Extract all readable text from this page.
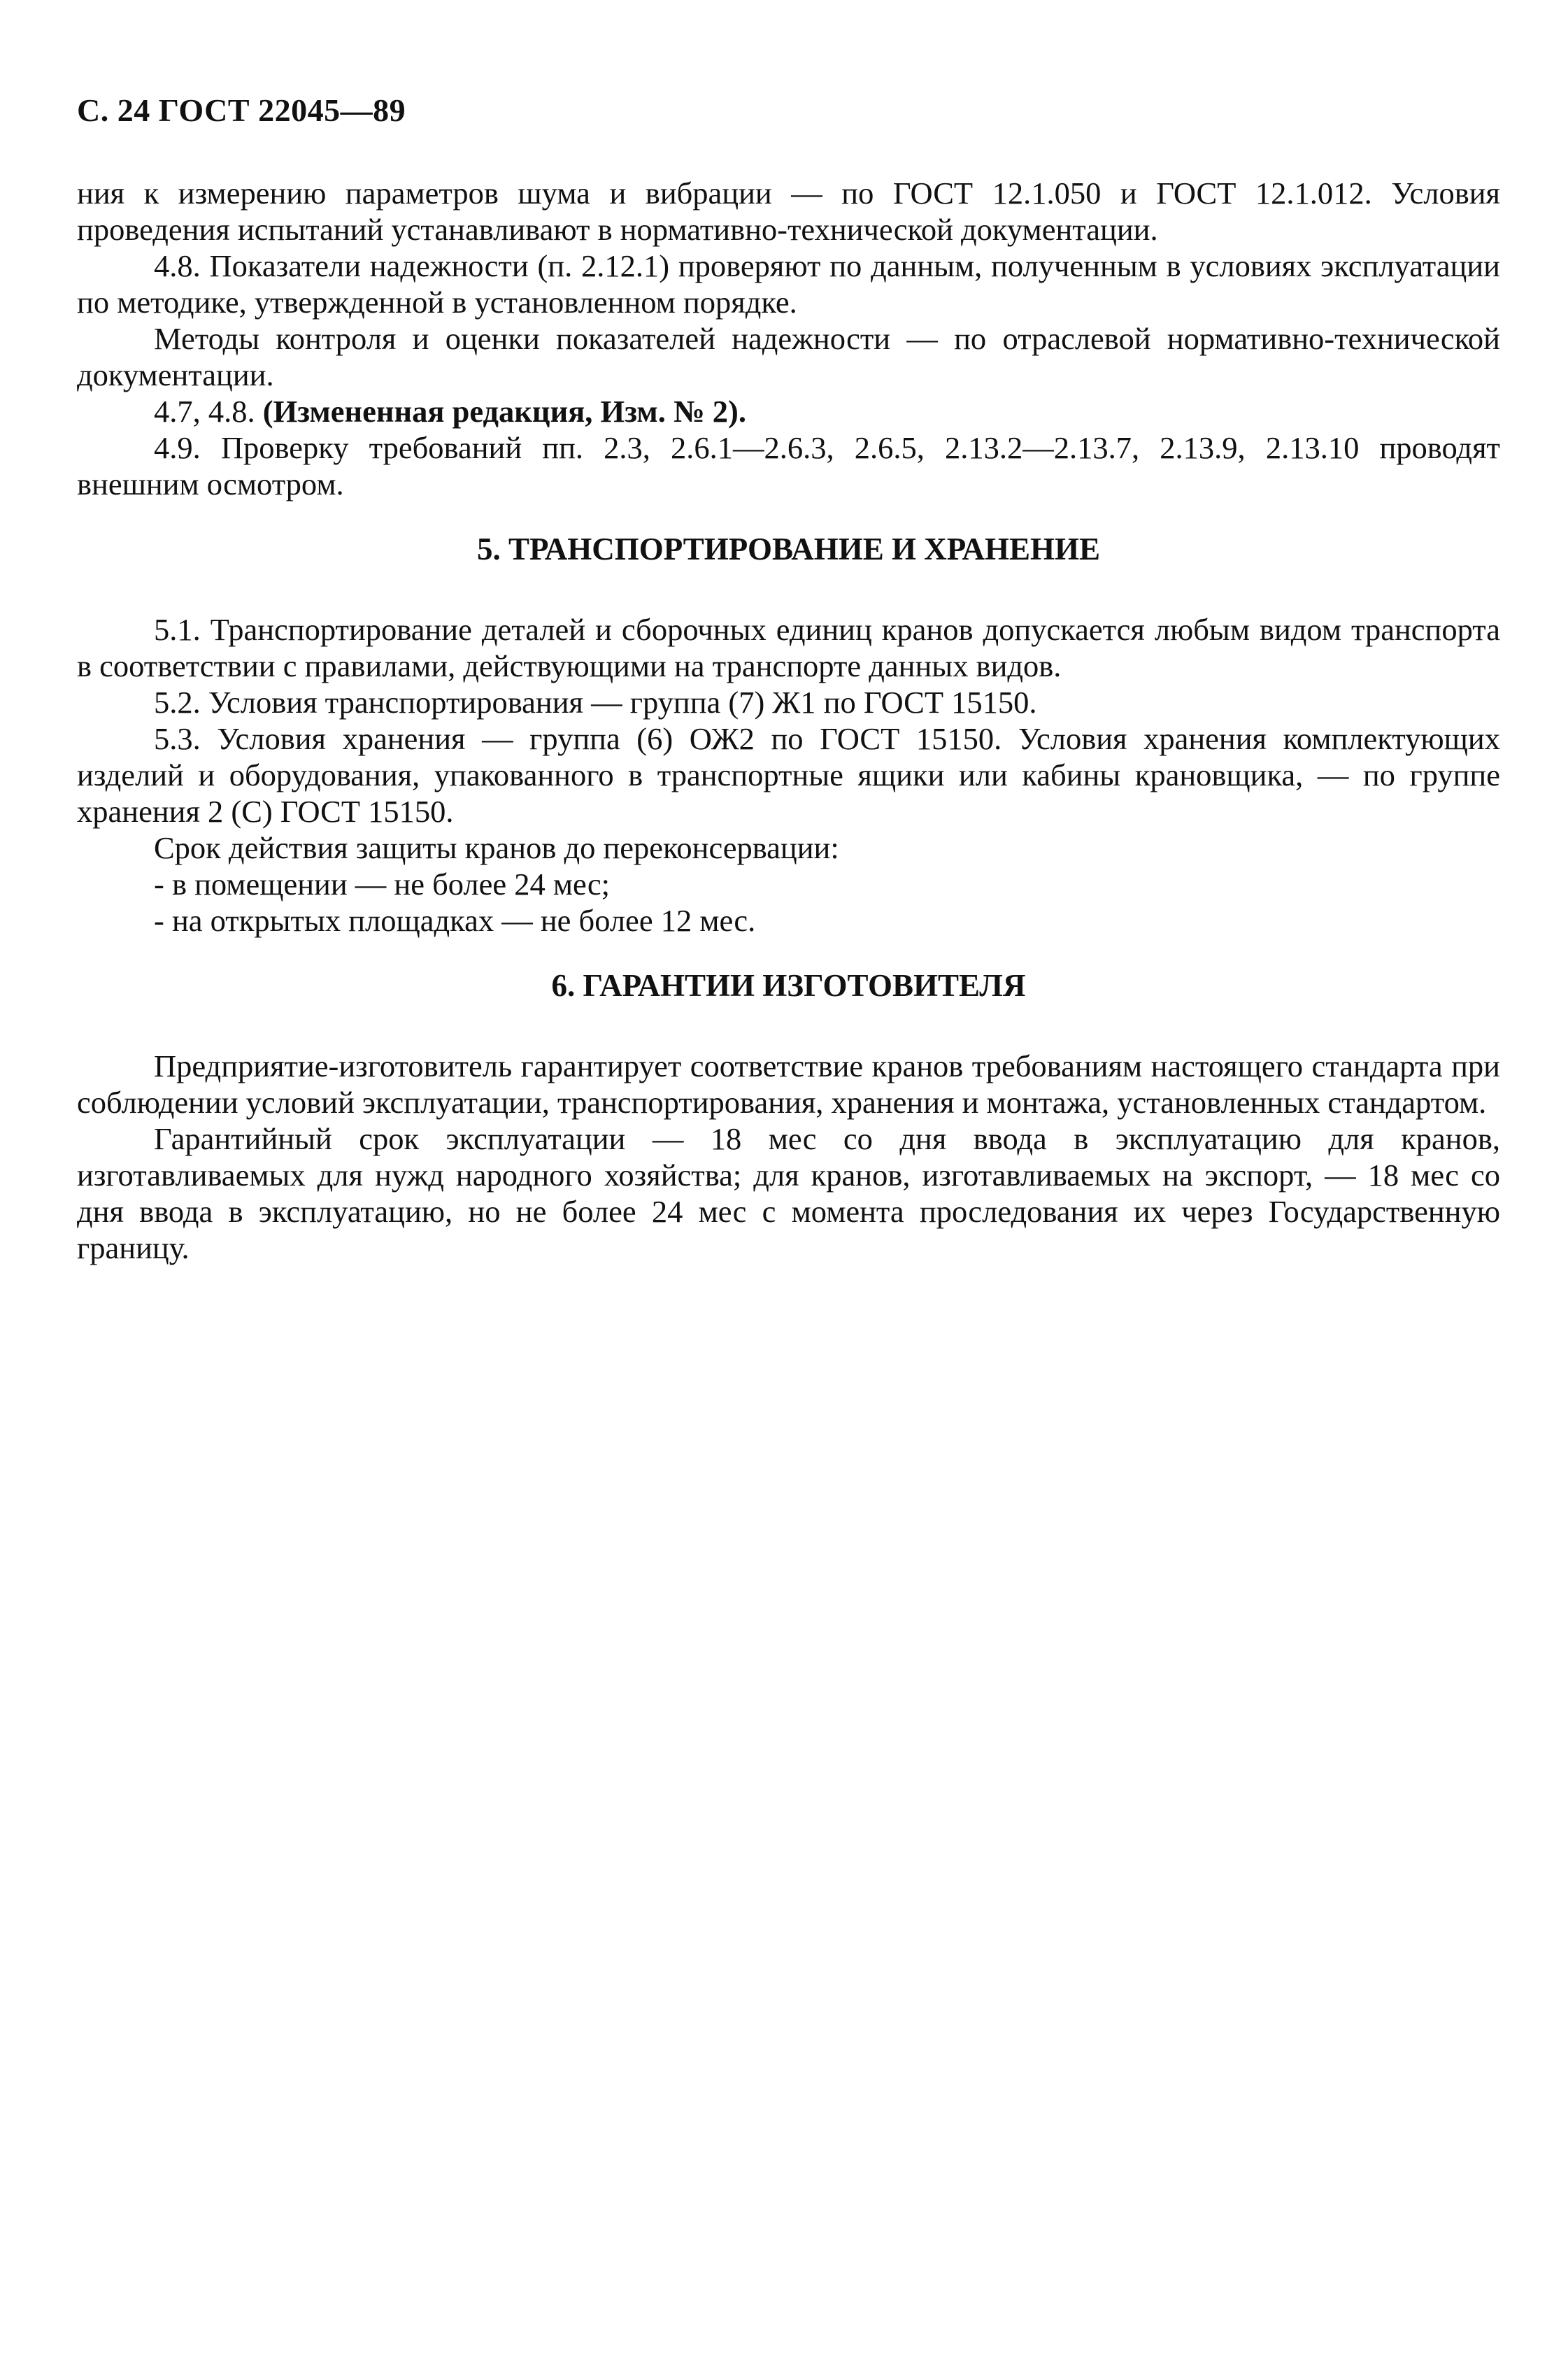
С. 24 ГОСТ 22045—89

ния к измерению параметров шума и вибрации — по ГОСТ 12.1.050 и ГОСТ 12.1.012. Условия проведения испытаний устанавливают в нормативно-технической документации.

4.8. Показатели надежности (п. 2.12.1) проверяют по данным, полученным в условиях эксплуатации по методике, утвержденной в установленном порядке.

Методы контроля и оценки показателей надежности — по отраслевой нормативно-технической документации.

4.7, 4.8. (Измененная редакция, Изм. № 2).

4.9. Проверку требований пп. 2.3, 2.6.1—2.6.3, 2.6.5, 2.13.2—2.13.7, 2.13.9, 2.13.10 проводят внешним осмотром.

5. ТРАНСПОРТИРОВАНИЕ И ХРАНЕНИЕ

5.1. Транспортирование деталей и сборочных единиц кранов допускается любым видом транспорта в соответствии с правилами, действующими на транспорте данных видов.

5.2. Условия транспортирования — группа (7) Ж1 по ГОСТ 15150.

5.3. Условия хранения — группа (6) ОЖ2 по ГОСТ 15150. Условия хранения комплектующих изделий и оборудования, упакованного в транспортные ящики или кабины крановщика, — по группе хранения 2 (С) ГОСТ 15150.

Срок действия защиты кранов до переконсервации:

- в помещении — не более 24 мес;

- на открытых площадках — не более 12 мес.

6. ГАРАНТИИ ИЗГОТОВИТЕЛЯ

Предприятие-изготовитель гарантирует соответствие кранов требованиям настоящего стандарта при соблюдении условий эксплуатации, транспортирования, хранения и монтажа, установленных стандартом.

Гарантийный срок эксплуатации — 18 мес со дня ввода в эксплуатацию для кранов, изготавливаемых для нужд народного хозяйства; для кранов, изготавливаемых на экспорт, — 18 мес со дня ввода в эксплуатацию, но не более 24 мес с момента проследования их через Государственную границу.
